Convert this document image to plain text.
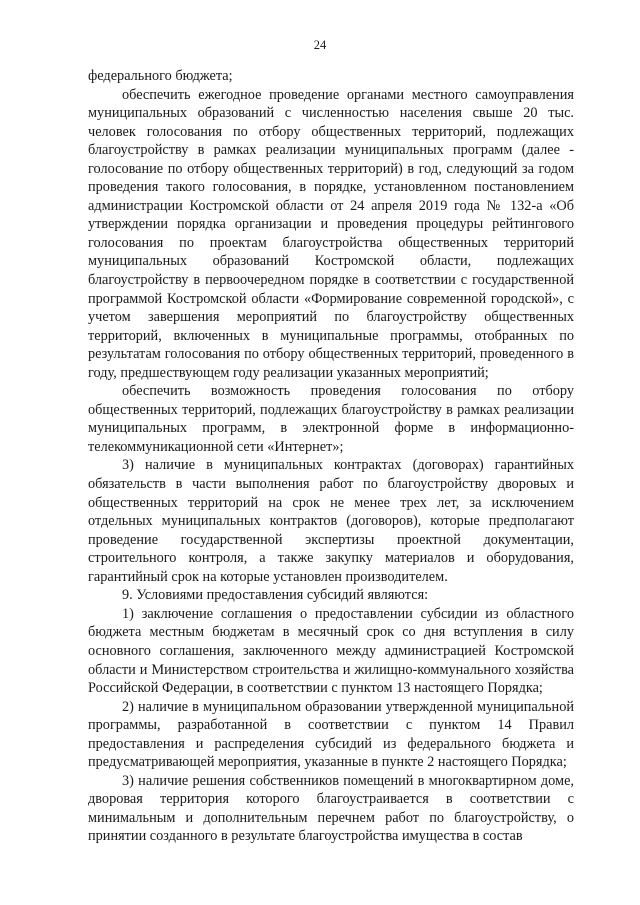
24

федерального бюджета;

обеспечить ежегодное проведение органами местного самоуправления муниципальных образований с численностью населения свыше 20 тыс. человек голосования по отбору общественных территорий, подлежащих благоустройству в рамках реализации муниципальных программ (далее - голосование по отбору общественных территорий) в год, следующий за годом проведения такого голосования, в порядке, установленном постановлением администрации Костромской области от 24 апреля 2019 года № 132-а «Об утверждении порядка организации и проведения процедуры рейтингового голосования по проектам благоустройства общественных территорий муниципальных образований Костромской области, подлежащих благоустройству в первоочередном порядке в соответствии с государственной программой Костромской области «Формирование современной городской», с учетом завершения мероприятий по благоустройству общественных территорий, включенных в муниципальные программы, отобранных по результатам голосования по отбору общественных территорий, проведенного в году, предшествующем году реализации указанных мероприятий;

обеспечить возможность проведения голосования по отбору общественных территорий, подлежащих благоустройству в рамках реализации муниципальных программ, в электронной форме в информационно-телекоммуникационной сети «Интернет»;

3) наличие в муниципальных контрактах (договорах) гарантийных обязательств в части выполнения работ по благоустройству дворовых и общественных территорий на срок не менее трех лет, за исключением отдельных муниципальных контрактов (договоров), которые предполагают проведение государственной экспертизы проектной документации, строительного контроля, а также закупку материалов и оборудования, гарантийный срок на которые установлен производителем.

9. Условиями предоставления субсидий являются:

1) заключение соглашения о предоставлении субсидии из областного бюджета местным бюджетам в месячный срок со дня вступления в силу основного соглашения, заключенного между администрацией Костромской области и Министерством строительства и жилищно-коммунального хозяйства Российской Федерации, в соответствии с пунктом 13 настоящего Порядка;

2) наличие в муниципальном образовании утвержденной муниципальной программы, разработанной в соответствии с пунктом 14 Правил предоставления и распределения субсидий из федерального бюджета и предусматривающей мероприятия, указанные в пункте 2 настоящего Порядка;

3) наличие решения собственников помещений в многоквартирном доме, дворовая территория которого благоустраивается в соответствии с минимальным и дополнительным перечнем работ по благоустройству, о принятии созданного в результате благоустройства имущества в состав
